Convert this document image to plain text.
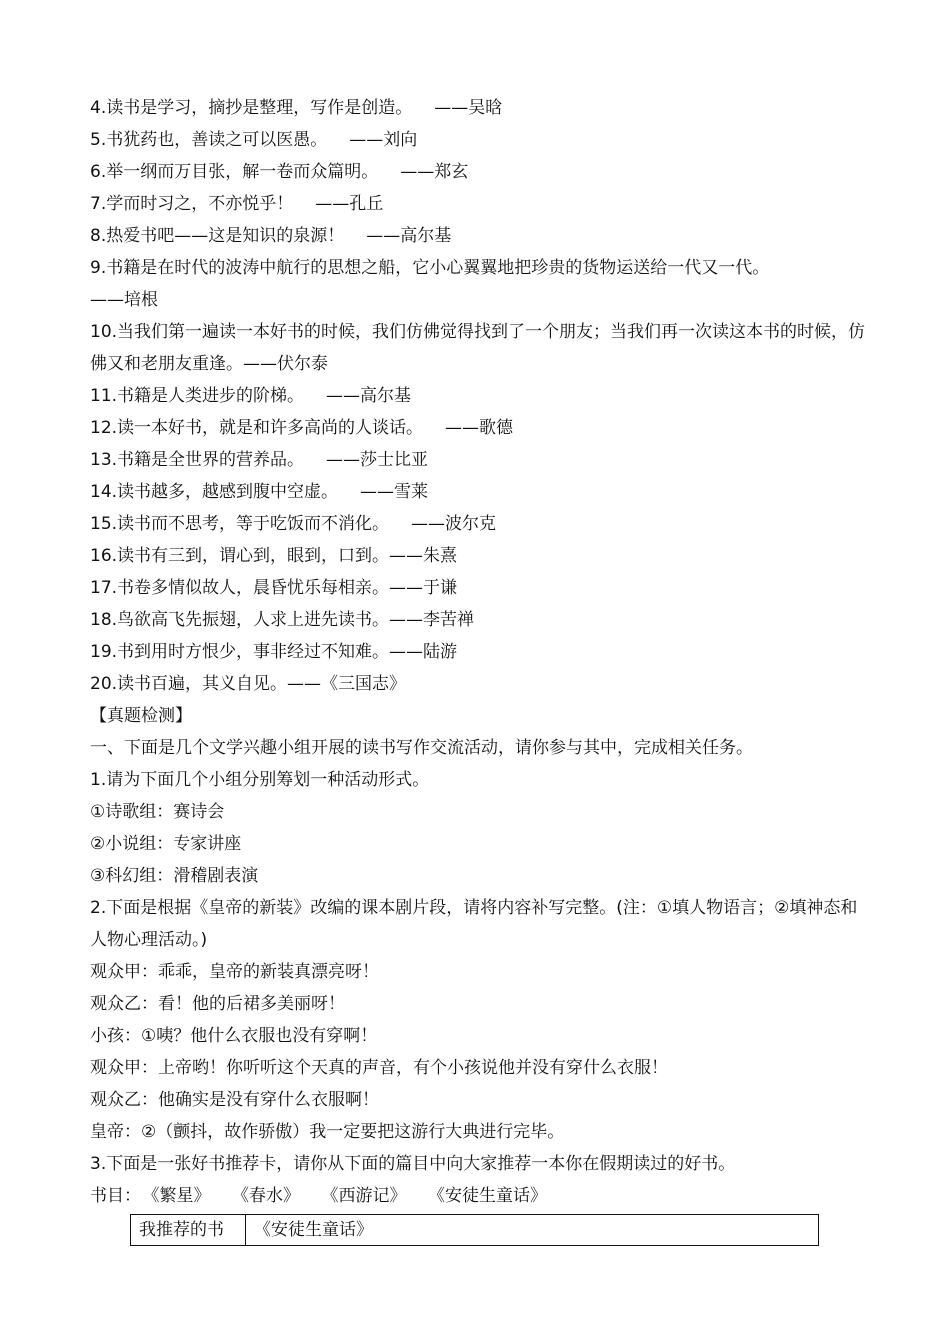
4.读书是学习，摘抄是整理，写作是创造。 ——吴晗
5.书犹药也，善读之可以医愚。 ——刘向
6.举一纲而万目张，解一卷而众篇明。 ——郑玄
7.学而时习之，不亦悦乎！ ——孔丘
8.热爱书吧——这是知识的泉源！ ——高尔基
9.书籍是在时代的波涛中航行的思想之船，它小心翼翼地把珍贵的货物运送给一代又一代。
——培根
10.当我们第一遍读一本好书的时候，我们仿佛觉得找到了一个朋友；当我们再一次读这本书的时候，仿佛又和老朋友重逢。——伏尔泰
11.书籍是人类进步的阶梯。 ——高尔基
12.读一本好书，就是和许多高尚的人谈话。 ——歌德
13.书籍是全世界的营养品。 ——莎士比亚
14.读书越多，越感到腹中空虚。 ——雪莱
15.读书而不思考，等于吃饭而不消化。 ——波尔克
16.读书有三到，谓心到，眼到，口到。——朱熹
17.书卷多情似故人，晨昏忧乐每相亲。——于谦
18.鸟欲高飞先振翅，人求上进先读书。——李苦禅
19.书到用时方恨少，事非经过不知难。——陆游
20.读书百遍，其义自见。——《三国志》
【真题检测】
一、下面是几个文学兴趣小组开展的读书写作交流活动，请你参与其中，完成相关任务。
1.请为下面几个小组分别筹划一种活动形式。
①诗歌组：赛诗会
②小说组：专家讲座
③科幻组：滑稽剧表演
2.下面是根据《皇帝的新装》改编的课本剧片段，请将内容补写完整。(注：①填人物语言；②填神态和人物心理活动。)
观众甲：乖乖，皇帝的新装真漂亮呀！
观众乙：看！他的后裙多美丽呀！
小孩：①咦？他什么衣服也没有穿啊！
观众甲：上帝哟！你听听这个天真的声音，有个小孩说他并没有穿什么衣服！
观众乙：他确实是没有穿什么衣服啊！
皇帝：②（颤抖，故作骄傲）我一定要把这游行大典进行完毕。
3.下面是一张好书推荐卡，请你从下面的篇目中向大家推荐一本你在假期读过的好书。
书目： 《繁星》 《春水》 《西游记》 《安徒生童话》
我推荐的书	《安徒生童话》
